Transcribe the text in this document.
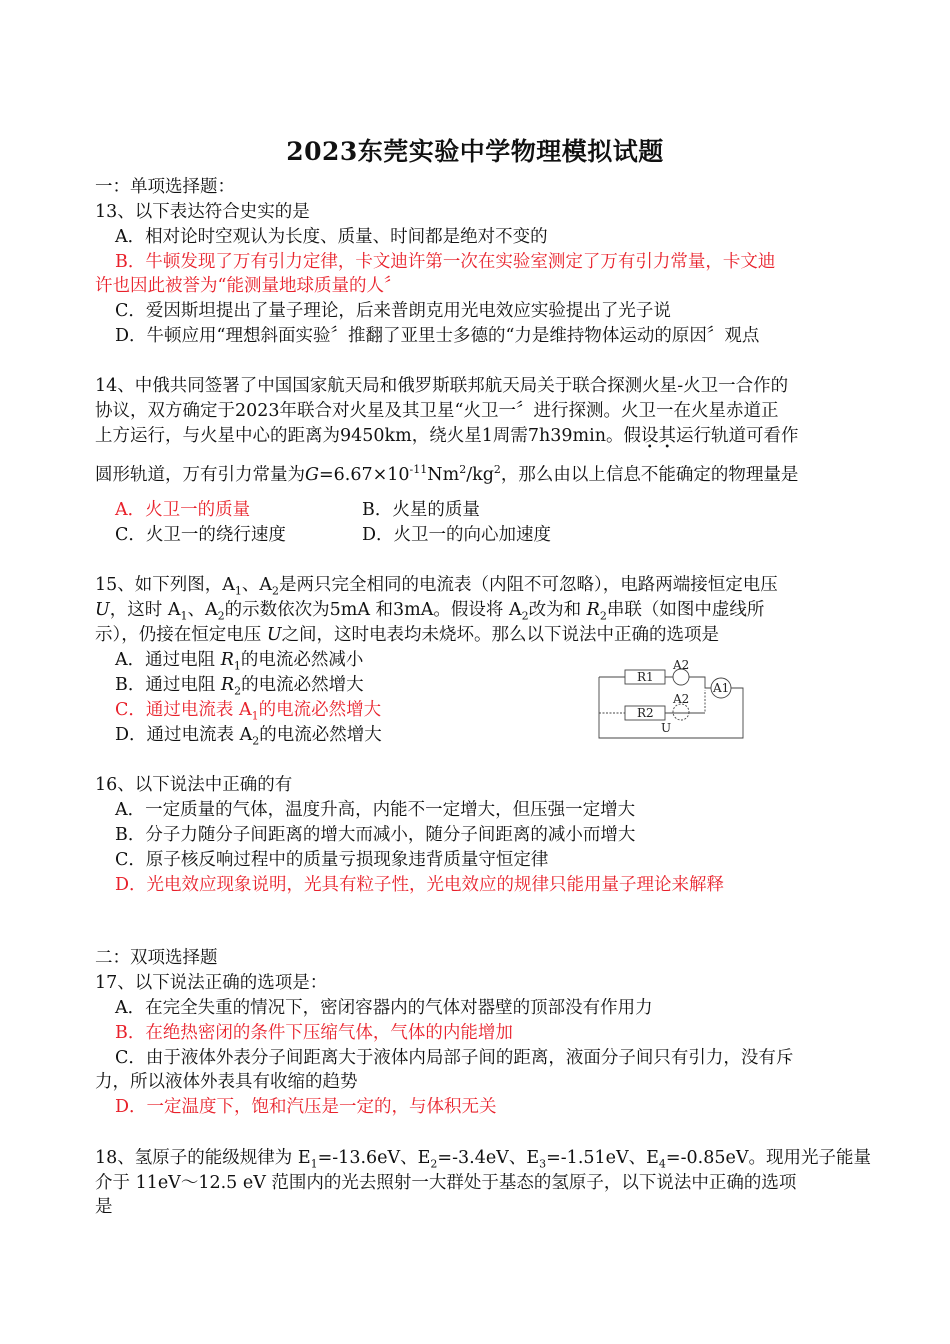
2023东莞实验中学物理模拟试题
一：单项选择题：
13、以下表达符合史实的是
A．相对论时空观认为长度、质量、时间都是绝对不变的
B．牛顿发现了万有引力定律，卡文迪许第一次在实验室测定了万有引力常量，卡文迪
许也因此被誉为“能测量地球质量的人〞
C．爱因斯坦提出了量子理论，后来普朗克用光电效应实验提出了光子说
D．牛顿应用“理想斜面实验〞推翻了亚里士多德的“力是维持物体运动的原因〞观点
14、中俄共同签署了中国国家航天局和俄罗斯联邦航天局关于联合探测火星-火卫一合作的
协议，双方确定于2023年联合对火星及其卫星“火卫一〞进行探测。火卫一在火星赤道正
上方运行，与火星中心的距离为9450km，绕火星1周需7h39min。假设其运行轨道可看作
圆形轨道，万有引力常量为$G=6.67\times 10^{-11}Nm^2/kg^2$，那么由以上信息不能确定的物理量是
A．火卫一的质量	B．火星的质量
C．火卫一的绕行速度	D．火卫一的向心加速度
15、如下列图，$A_1$、$A_2$是两只完全相同的电流表（内阻不可忽略），电路两端接恒定电压
U，这时 $A_1$、$A_2$的示数依次为5mA 和3mA。假设将 $A_2$改为和 $R_2$串联（如图中虚线所
示），仍接在恒定电压 U之间，这时电表均未烧坏。那么以下说法中正确的选项是
A．通过电阻 $R_1$的电流必然减小
B．通过电阻 $R_2$的电流必然增大
C．通过电流表 $A_1$的电流必然增大
D．通过电流表 $A_2$的电流必然增大
R1
R2
A2
A2
A1
U
16、以下说法中正确的有
A．一定质量的气体，温度升高，内能不一定增大，但压强一定增大
B．分子力随分子间距离的增大而减小，随分子间距离的减小而增大
C．原子核反响过程中的质量亏损现象违背质量守恒定律
D．光电效应现象说明，光具有粒子性，光电效应的规律只能用量子理论来解释
二：双项选择题
17、以下说法正确的选项是：
A．在完全失重的情况下，密闭容器内的气体对器壁的顶部没有作用力
B．在绝热密闭的条件下压缩气体，气体的内能增加
C．由于液体外表分子间距离大于液体内局部子间的距离，液面分子间只有引力，没有斥
力，所以液体外表具有收缩的趋势
D．一定温度下，饱和汽压是一定的，与体积无关
18、氢原子的能级规律为 $E_1=-13.6eV$、$E_2=-3.4eV$、$E_3=-1.51eV$、$E_4=-0.85eV$。现用光子能量
介于 11eV～12.5 eV 范围内的光去照射一大群处于基态的氢原子，以下说法中正确的选项
是
